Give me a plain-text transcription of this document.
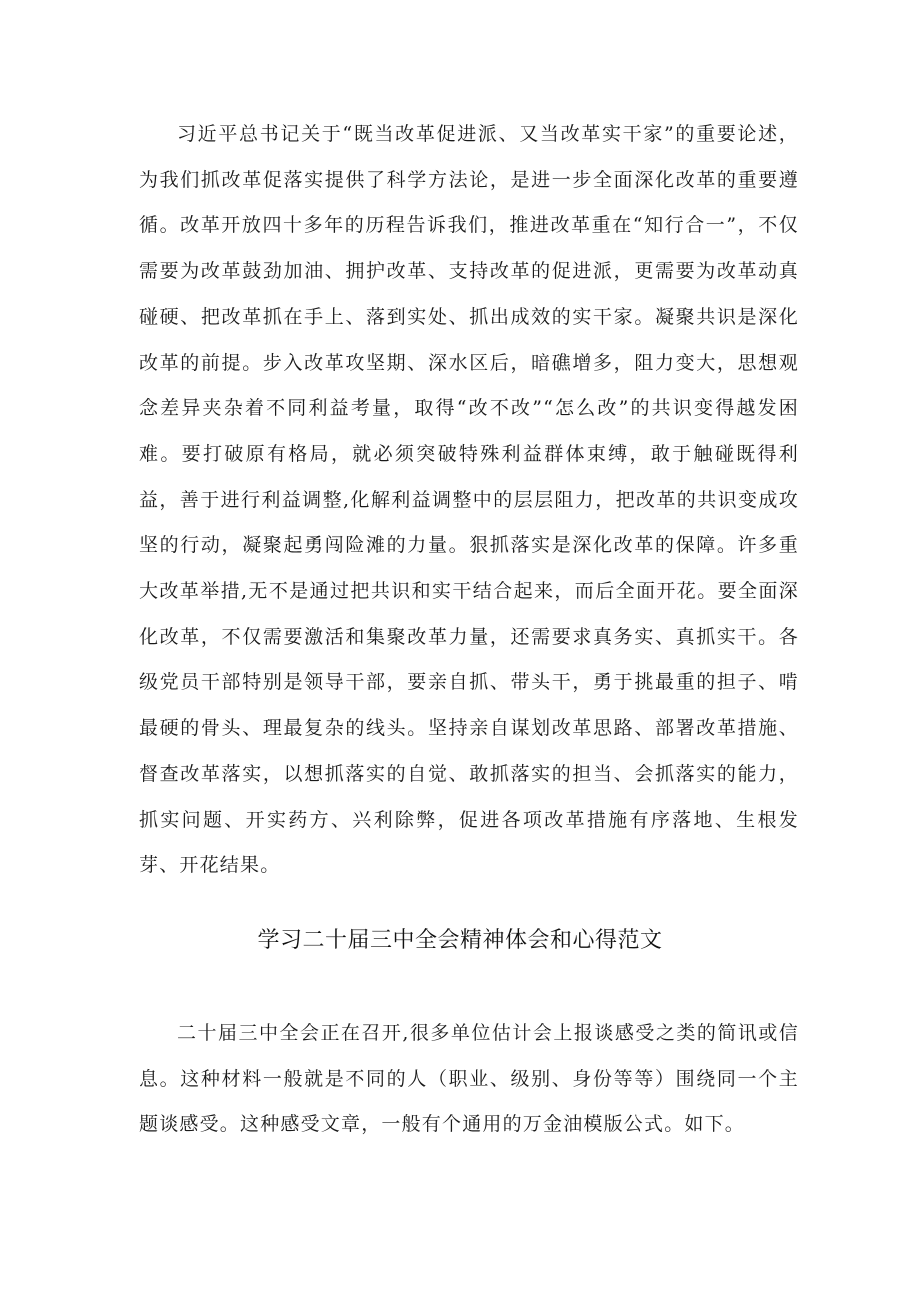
习近平总书记关于“既当改革促进派、又当改革实干家”的重要论述，为我们抓改革促落实提供了科学方法论，是进一步全面深化改革的重要遵循。改革开放四十多年的历程告诉我们，推进改革重在“知行合一”，不仅需要为改革鼓劲加油、拥护改革、支持改革的促进派，更需要为改革动真碰硬、把改革抓在手上、落到实处、抓出成效的实干家。凝聚共识是深化改革的前提。步入改革攻坚期、深水区后，暗礁增多，阻力变大，思想观念差异夹杂着不同利益考量，取得“改不改”“怎么改”的共识变得越发困难。要打破原有格局，就必须突破特殊利益群体束缚，敢于触碰既得利益，善于进行利益调整,化解利益调整中的层层阻力，把改革的共识变成攻坚的行动，凝聚起勇闯险滩的力量。狠抓落实是深化改革的保障。许多重大改革举措,无不是通过把共识和实干结合起来，而后全面开花。要全面深化改革，不仅需要激活和集聚改革力量，还需要求真务实、真抓实干。各级党员干部特别是领导干部，要亲自抓、带头干，勇于挑最重的担子、啃最硬的骨头、理最复杂的线头。坚持亲自谋划改革思路、部署改革措施、督查改革落实，以想抓落实的自觉、敢抓落实的担当、会抓落实的能力，抓实问题、开实药方、兴利除弊，促进各项改革措施有序落地、生根发芽、开花结果。

学习二十届三中全会精神体会和心得范文

二十届三中全会正在召开,很多单位估计会上报谈感受之类的简讯或信息。这种材料一般就是不同的人（职业、级别、身份等等）围绕同一个主题谈感受。这种感受文章，一般有个通用的万金油模版公式。如下。
